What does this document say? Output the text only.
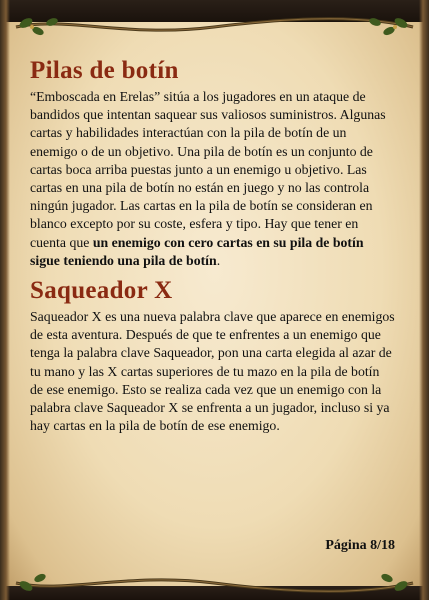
Pilas de botín

“Emboscada en Erelas” sitúa a los jugadores en un ataque de bandidos que intentan saquear sus valiosos suministros. Algunas cartas y habilidades interactúan con la pila de botín de un enemigo o de un objetivo. Una pila de botín es un conjunto de cartas boca arriba puestas junto a un enemigo u objetivo. Las cartas en una pila de botín no están en juego y no las controla ningún jugador. Las cartas en la pila de botín se consideran en blanco excepto por su coste, esfera y tipo. Hay que tener en cuenta que un enemigo con cero cartas en su pila de botín sigue teniendo una pila de botín.

Saqueador X

Saqueador X es una nueva palabra clave que aparece en enemigos de esta aventura. Después de que te enfrentes a un enemigo que tenga la palabra clave Saqueador, pon una carta elegida al azar de tu mano y las X cartas superiores de tu mazo en la pila de botín de ese enemigo. Esto se realiza cada vez que un enemigo con la palabra clave Saqueador X se enfrenta a un jugador, incluso si ya hay cartas en la pila de botín de ese enemigo.

Página 8/18
